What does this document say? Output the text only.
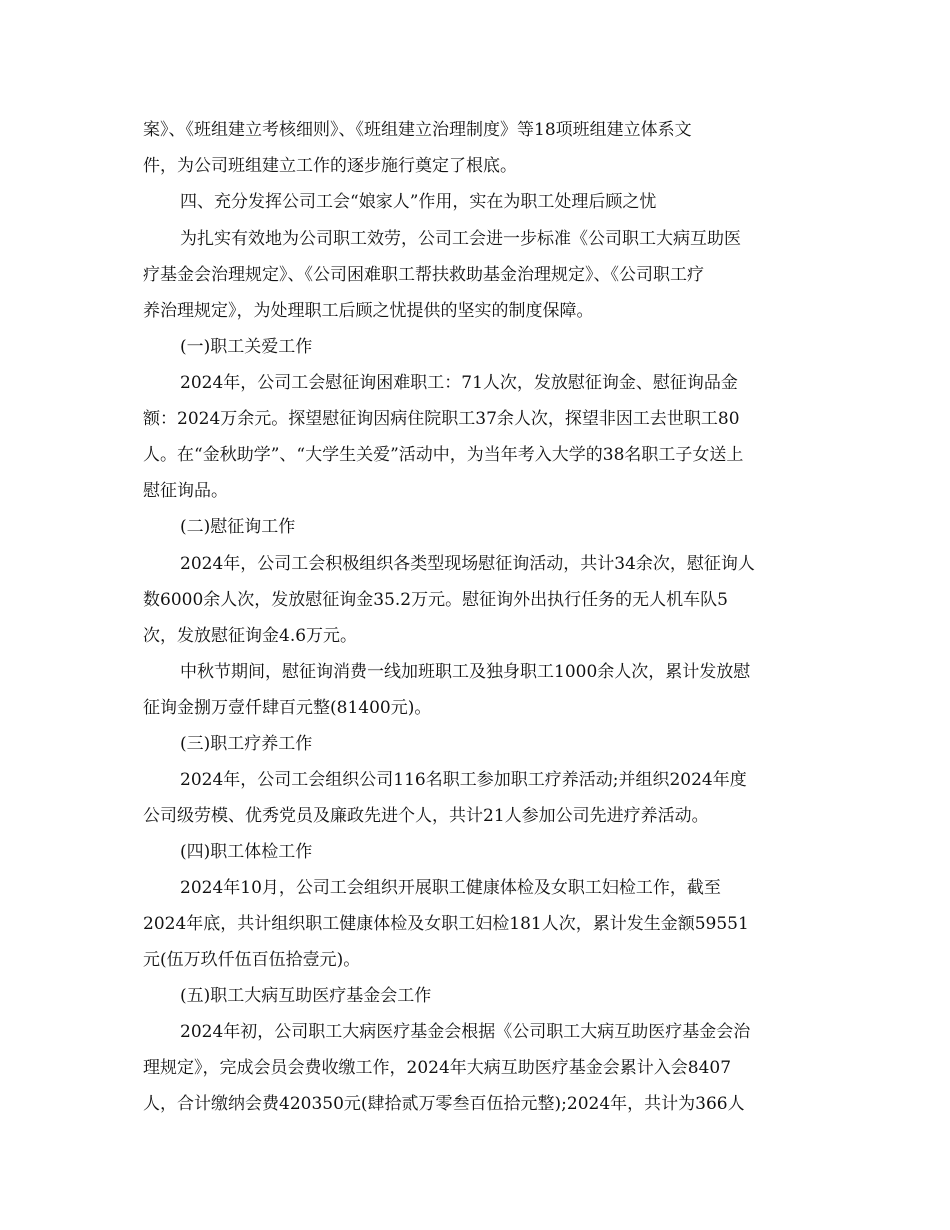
案》、《班组建立考核细则》、《班组建立治理制度》等18项班组建立体系文
件，为公司班组建立工作的逐步施行奠定了根底。
四、充分发挥公司工会“娘家人”作用，实在为职工处理后顾之忧
为扎实有效地为公司职工效劳，公司工会进一步标准《公司职工大病互助医
疗基金会治理规定》、《公司困难职工帮扶救助基金治理规定》、《公司职工疗
养治理规定》，为处理职工后顾之忧提供的坚实的制度保障。
(一)职工关爱工作
2024年，公司工会慰征询困难职工：71人次，发放慰征询金、慰征询品金
额：2024万余元。探望慰征询因病住院职工37余人次，探望非因工去世职工80
人。在“金秋助学”、“大学生关爱”活动中，为当年考入大学的38名职工子女送上
慰征询品。
(二)慰征询工作
2024年，公司工会积极组织各类型现场慰征询活动，共计34余次，慰征询人
数6000余人次，发放慰征询金35.2万元。慰征询外出执行任务的无人机车队5
次，发放慰征询金4.6万元。
中秋节期间，慰征询消费一线加班职工及独身职工1000余人次，累计发放慰
征询金捌万壹仟肆百元整(81400元)。
(三)职工疗养工作
2024年，公司工会组织公司116名职工参加职工疗养活动;并组织2024年度
公司级劳模、优秀党员及廉政先进个人，共计21人参加公司先进疗养活动。
(四)职工体检工作
2024年10月，公司工会组织开展职工健康体检及女职工妇检工作，截至
2024年底，共计组织职工健康体检及女职工妇检181人次，累计发生金额59551
元(伍万玖仟伍百伍拾壹元)。
(五)职工大病互助医疗基金会工作
2024年初，公司职工大病医疗基金会根据《公司职工大病互助医疗基金会治
理规定》，完成会员会费收缴工作，2024年大病互助医疗基金会累计入会8407
人，合计缴纳会费420350元(肆拾贰万零叁百伍拾元整);2024年，共计为366人
